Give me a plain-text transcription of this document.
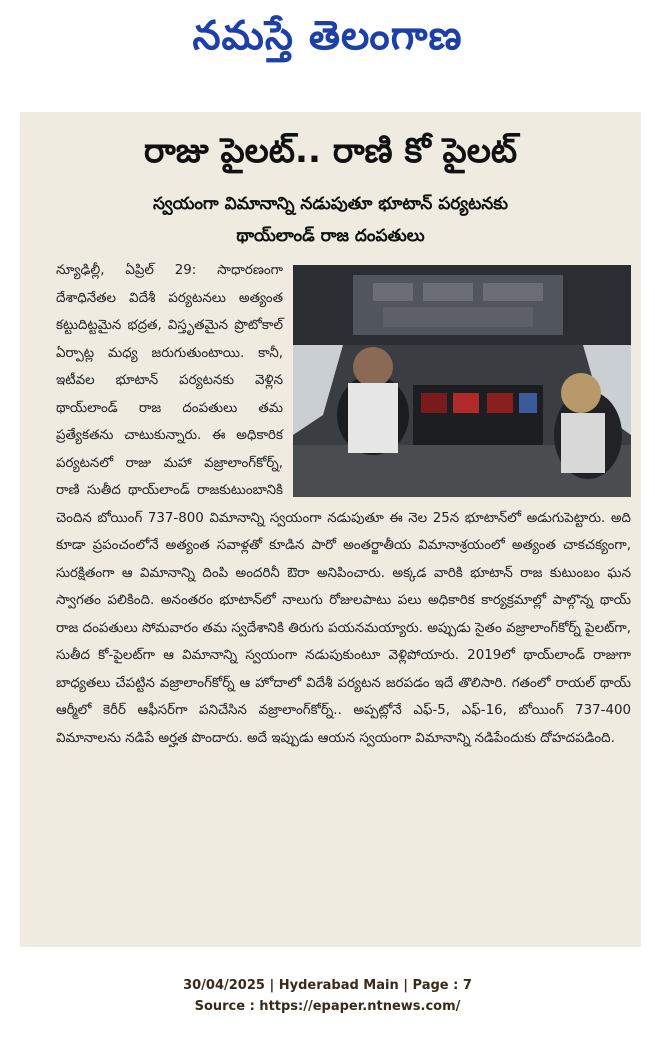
నమస్తే తెలంగాణ
రాజు పైలట్.. రాణి కో పైలట్
స్వయంగా విమానాన్ని నడుపుతూ భూటాన్ పర్యటనకు
థాయ్‌లాండ్ రాజ దంపతులు
న్యూఢిల్లీ, ఏప్రిల్ 29: సాధారణంగా దేశాధినేతల విదేశీ పర్యటనలు అత్యంత కట్టుదిట్టమైన భద్రత, విస్తృతమైన ప్రొటోకాల్ ఏర్పాట్ల మధ్య జరుగుతుంటాయి. కానీ, ఇటీవల భూటాన్ పర్యటనకు వెళ్లిన థాయ్‌లాండ్ రాజ దంపతులు తమ ప్రత్యేకతను చాటుకున్నారు. ఈ అధికారిక పర్యటనలో రాజు మహా వజ్రాలాంగ్‌కోర్న్, రాణి సుతీద థాయ్‌లాండ్ రాజకుటుంబానికి చెందిన బోయింగ్ 737-800 విమానాన్ని స్వయంగా నడుపుతూ ఈ నెల 25న భూటాన్‌లో అడుగుపెట్టారు. అది కూడా ప్రపంచంలోనే అత్యంత సవాళ్లతో కూడిన పారో అంతర్జాతీయ విమానాశ్రయంలో అత్యంత చాకచక్యంగా, సురక్షితంగా ఆ విమానాన్ని దింపి అందరినీ ఔరా అనిపించారు. అక్కడ వారికి భూటాన్ రాజ కుటుంబం ఘన స్వాగతం పలికింది. అనంతరం భూటాన్‌లో నాలుగు రోజులపాటు పలు అధికారిక కార్యక్రమాల్లో పాల్గొన్న థాయ్ రాజ దంపతులు సోమవారం తమ స్వదేశానికి తిరుగు పయనమయ్యారు. అప్పుడు సైతం వజ్రాలాంగ్‌కోర్న్ పైలట్‌గా, సుతీద కో-పైలట్‌గా ఆ విమానాన్ని స్వయంగా నడుపుకుంటూ వెళ్లిపోయారు. 2019లో థాయ్‌లాండ్ రాజుగా బాధ్యతలు చేపట్టిన వజ్రాలాంగ్‌కోర్న్ ఆ హోదాలో విదేశీ పర్యటన జరపడం ఇదే తొలిసారి. గతంలో రాయల్ థాయ్ ఆర్మీలో కెరీర్ ఆఫీసర్‌గా పనిచేసిన వజ్రాలాంగ్‌కోర్న్.. అప్పట్లోనే ఎఫ్-5, ఎఫ్-16, బోయింగ్ 737-400 విమానాలను నడిపే అర్హత పొందారు. అదే ఇప్పుడు ఆయన స్వయంగా విమానాన్ని నడిపేందుకు దోహదపడింది.
30/04/2025 | Hyderabad Main | Page : 7
Source : https://epaper.ntnews.com/
